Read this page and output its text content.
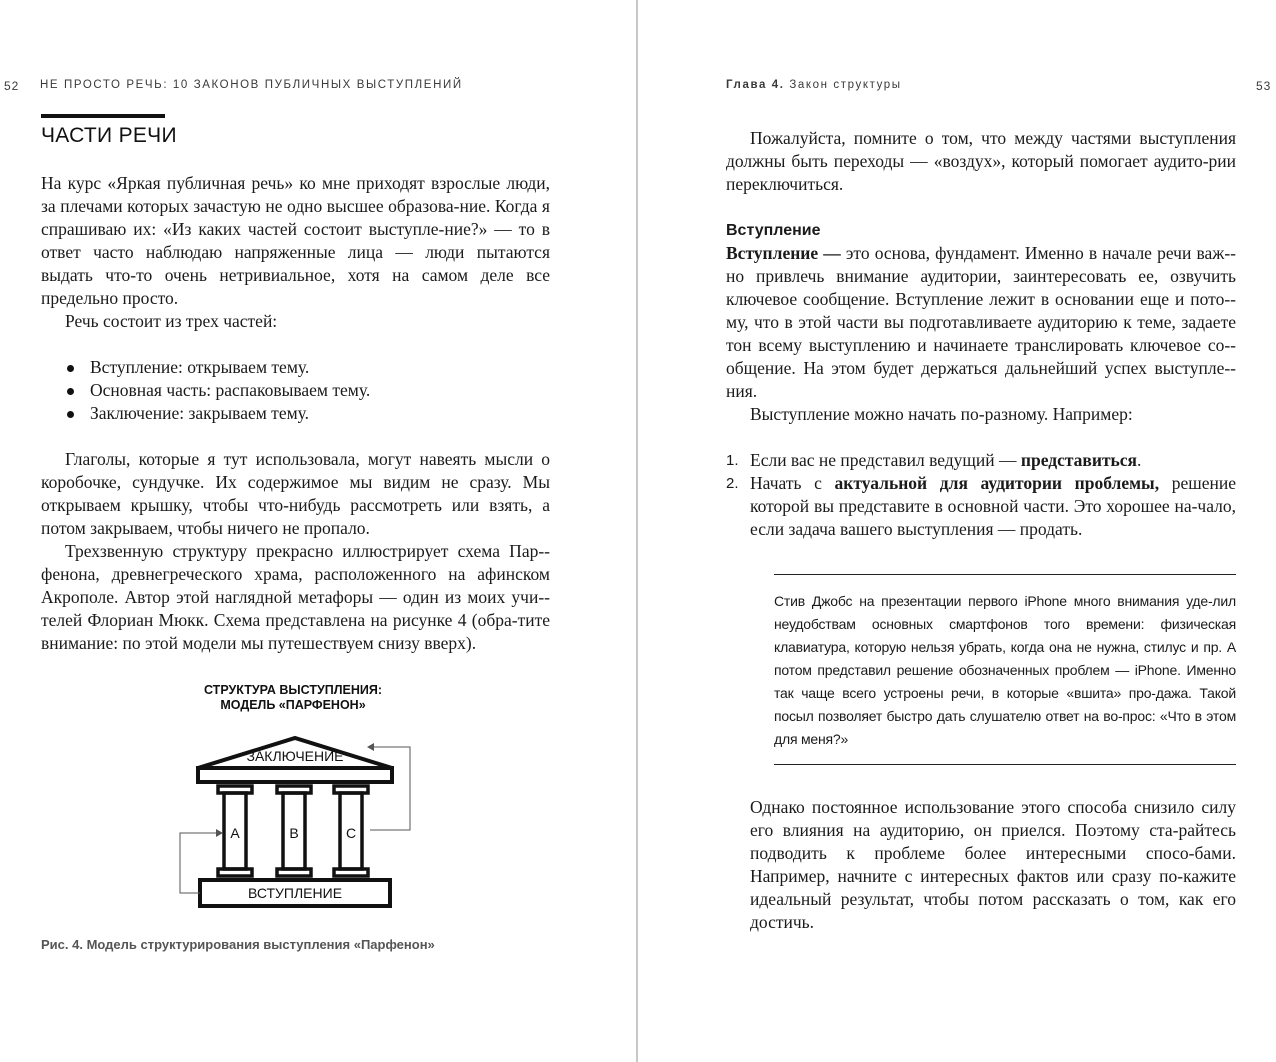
52 НЕ ПРОСТО РЕЧЬ: 10 ЗАКОНОВ ПУБЛИЧНЫХ ВЫСТУПЛЕНИЙ
ЧАСТИ РЕЧИ

На курс «Яркая публичная речь» ко мне приходят взрослые люди, за плечами которых зачастую не одно высшее образова-ние. Когда я спрашиваю их: «Из каких частей состоит выступле-ние?» — то в ответ часто наблюдаю напряженные лица — люди пытаются выдать что-то очень нетривиальное, хотя на самом деле все предельно просто.

Речь состоит из трех частей:

Вступление: открываем тему.
Основная часть: распаковываем тему.
Заключение: закрываем тему.

Глаголы, которые я тут использовала, могут навеять мысли о коробочке, сундучке. Их содержимое мы видим не сразу. Мы открываем крышку, чтобы что-нибудь рассмотреть или взять, а потом закрываем, чтобы ничего не пропало.

Трехзвенную структуру прекрасно иллюстрирует схема Пар-фенона, древнегреческого храма, расположенного на афинском Акрополе. Автор этой наглядной метафоры — один из моих учи-телей Флориан Мюкк. Схема представлена на рисунке 4 (обра-тите внимание: по этой модели мы путешествуем снизу вверх).

СТРУКТУРА ВЫСТУПЛЕНИЯ:
МОДЕЛЬ «ПАРФЕНОН»
ЗАКЛЮЧЕНИЕ
A	B	C
ВСТУПЛЕНИЕ
Рис. 4. Модель структурирования выступления «Парфенон»
Глава 4. Закон структуры	53

Пожалуйста, помните о том, что между частями выступления должны быть переходы — «воздух», который помогает аудито-рии переключиться.

Вступление

Вступление — это основа, фундамент. Именно в начале речи важ-но привлечь внимание аудитории, заинтересовать ее, озвучить ключевое сообщение. Вступление лежит в основании еще и пото-му, что в этой части вы подготавливаете аудиторию к теме, задаете тон всему выступлению и начинаете транслировать ключевое со-общение. На этом будет держаться дальнейший успех выступле-ния.

Выступление можно начать по-разному. Например:

1. Если вас не представил ведущий — представиться.
2. Начать с актуальной для аудитории проблемы, решение которой вы представите в основной части. Это хорошее на-чало, если задача вашего выступления — продать.
Стив Джобс на презентации первого iPhone много внимания уде-лил неудобствам основных смартфонов того времени: физическая клавиатура, которую нельзя убрать, когда она не нужна, стилус и пр. А потом представил решение обозначенных проблем — iPhone. Именно так чаще всего устроены речи, в которые «вшита» про-дажа. Такой посыл позволяет быстро дать слушателю ответ на во-прос: «Что в этом для меня?»
Однако постоянное использование этого способа снизило силу его влияния на аудиторию, он приелся. Поэтому ста-райтесь подводить к проблеме более интересными спосо-бами. Например, начните с интересных фактов или сразу по-кажите идеальный результат, чтобы потом рассказать о том, как его достичь.
